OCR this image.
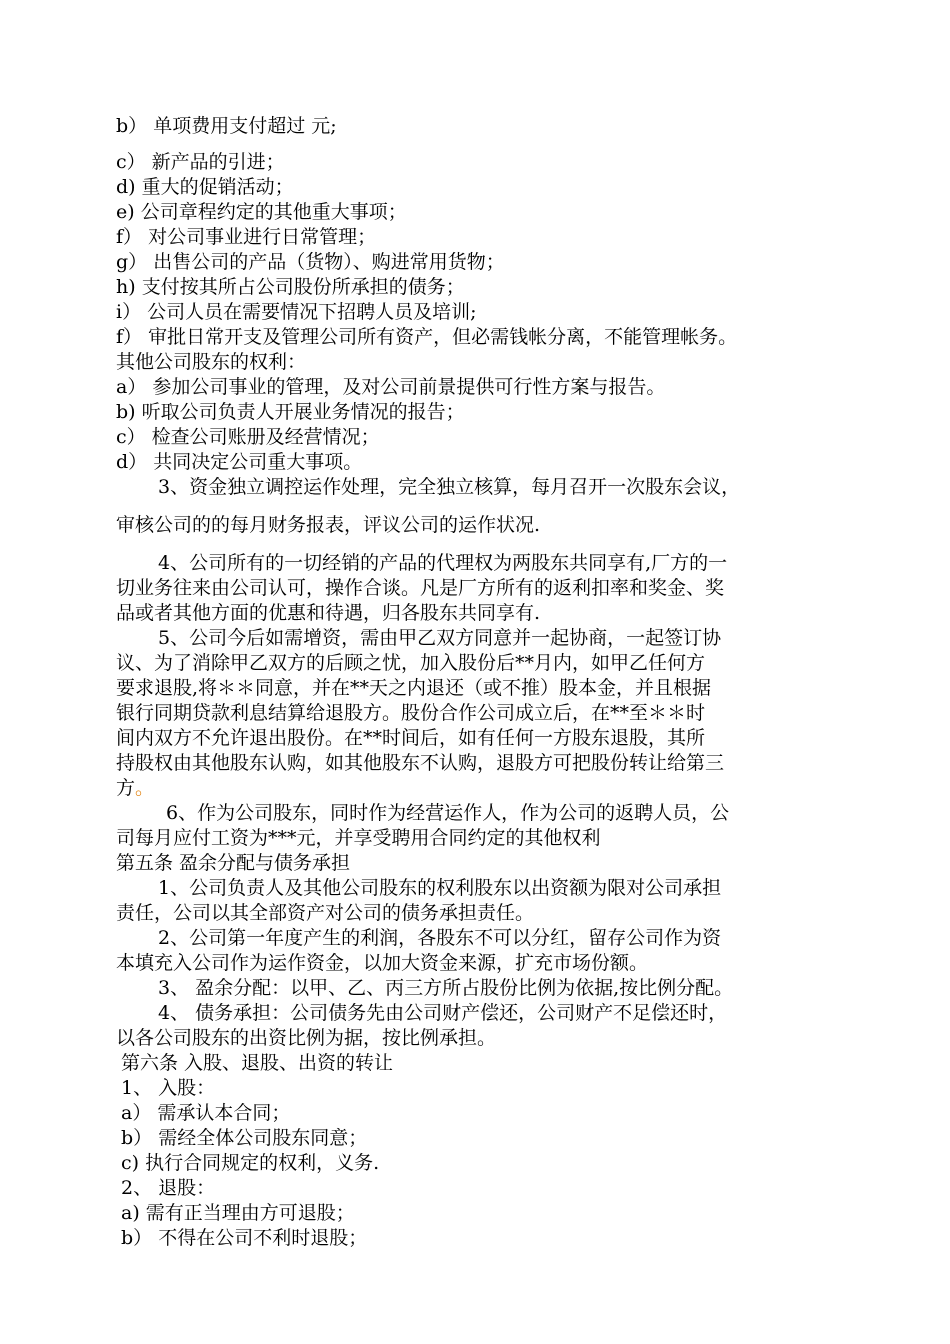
b） 单项费用支付超过 元;
c） 新产品的引进；
d) 重大的促销活动；
e) 公司章程约定的其他重大事项；
f） 对公司事业进行日常管理；
g） 出售公司的产品（货物）、购进常用货物；
h) 支付按其所占公司股份所承担的债务；
i） 公司人员在需要情况下招聘人员及培训;
f） 审批日常开支及管理公司所有资产，但必需钱帐分离，不能管理帐务。
其他公司股东的权利：
a） 参加公司事业的管理，及对公司前景提供可行性方案与报告。
b) 听取公司负责人开展业务情况的报告；
c） 检查公司账册及经营情况；
d） 共同决定公司重大事项。
3、资金独立调控运作处理，完全独立核算，每月召开一次股东会议，
审核公司的的每月财务报表，评议公司的运作状况.
4、公司所有的一切经销的产品的代理权为两股东共同享有,厂方的一
切业务往来由公司认可，操作合谈。凡是厂方所有的返利扣率和奖金、奖
品或者其他方面的优惠和待遇，归各股东共同享有.
5、公司今后如需增资，需由甲乙双方同意并一起协商，一起签订协
议、为了消除甲乙双方的后顾之忧，加入股份后**月内，如甲乙任何方
要求退股,将＊＊同意，并在**天之内退还（或不推）股本金，并且根据
银行同期贷款利息结算给退股方。股份合作公司成立后，在**至＊＊时
间内双方不允许退出股份。在**时间后，如有任何一方股东退股，其所
持股权由其他股东认购，如其他股东不认购，退股方可把股份转让给第三
方。
6、作为公司股东，同时作为经营运作人，作为公司的返聘人员，公
司每月应付工资为***元，并享受聘用合同约定的其他权利
第五条 盈余分配与债务承担
1、公司负责人及其他公司股东的权利股东以出资额为限对公司承担
责任，公司以其全部资产对公司的债务承担责任。
2、公司第一年度产生的利润，各股东不可以分红，留存公司作为资
本填充入公司作为运作资金，以加大资金来源，扩充市场份额。
3、 盈余分配：以甲、乙、丙三方所占股份比例为依据,按比例分配。
4、 债务承担：公司债务先由公司财产偿还，公司财产不足偿还时，
以各公司股东的出资比例为据，按比例承担。
第六条 入股、退股、出资的转让
1、 入股：
a） 需承认本合同；
b） 需经全体公司股东同意；
c) 执行合同规定的权利，义务.
2、 退股：
a) 需有正当理由方可退股；
b） 不得在公司不利时退股；
